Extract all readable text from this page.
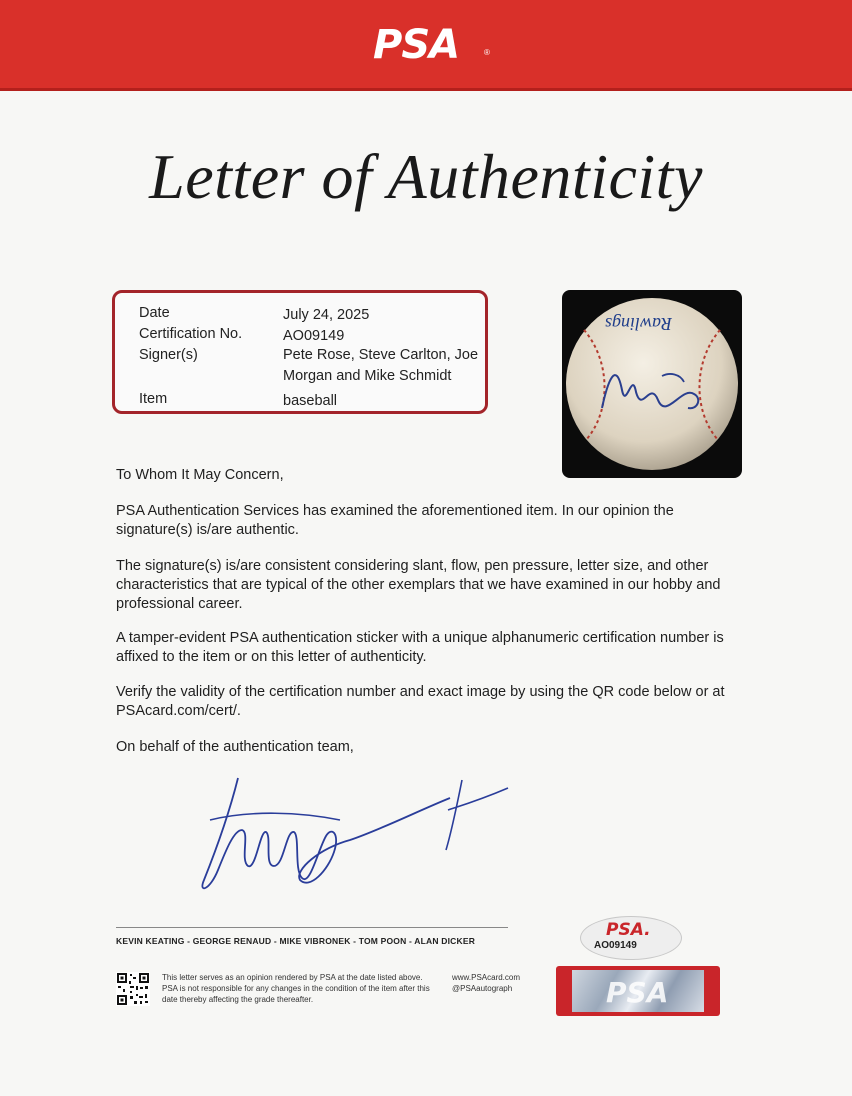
PSA	®
Letter of Authenticity
Date	July 24, 2025
Certification No.	AO09149
Signer(s)	Pete Rose, Steve Carlton, Joe Morgan and Mike Schmidt
Item	baseball
Rawlings
To Whom It May Concern,
PSA Authentication Services has examined the aforementioned item. In our opinion the signature(s) is/are authentic.
The signature(s) is/are consistent considering slant, flow, pen pressure, letter size, and other characteristics that are typical of the other exemplars that we have examined in our hobby and professional career.
A tamper-evident PSA authentication sticker with a unique alphanumeric certification number is affixed to the item or on this letter of authenticity.
Verify the validity of the certification number and exact image by using the QR code below or at PSAcard.com/cert/.
On behalf of the authentication team,
KEVIN KEATING - GEORGE RENAUD - MIKE VIBRONEK - TOM POON - ALAN DICKER
This letter serves as an opinion rendered by PSA at the date listed above. PSA is not responsible for any changes in the condition of the item after this date thereby affecting the grade thereafter.
www.PSAcard.com
@PSAautograph
PSA.
AO09149
PSA
